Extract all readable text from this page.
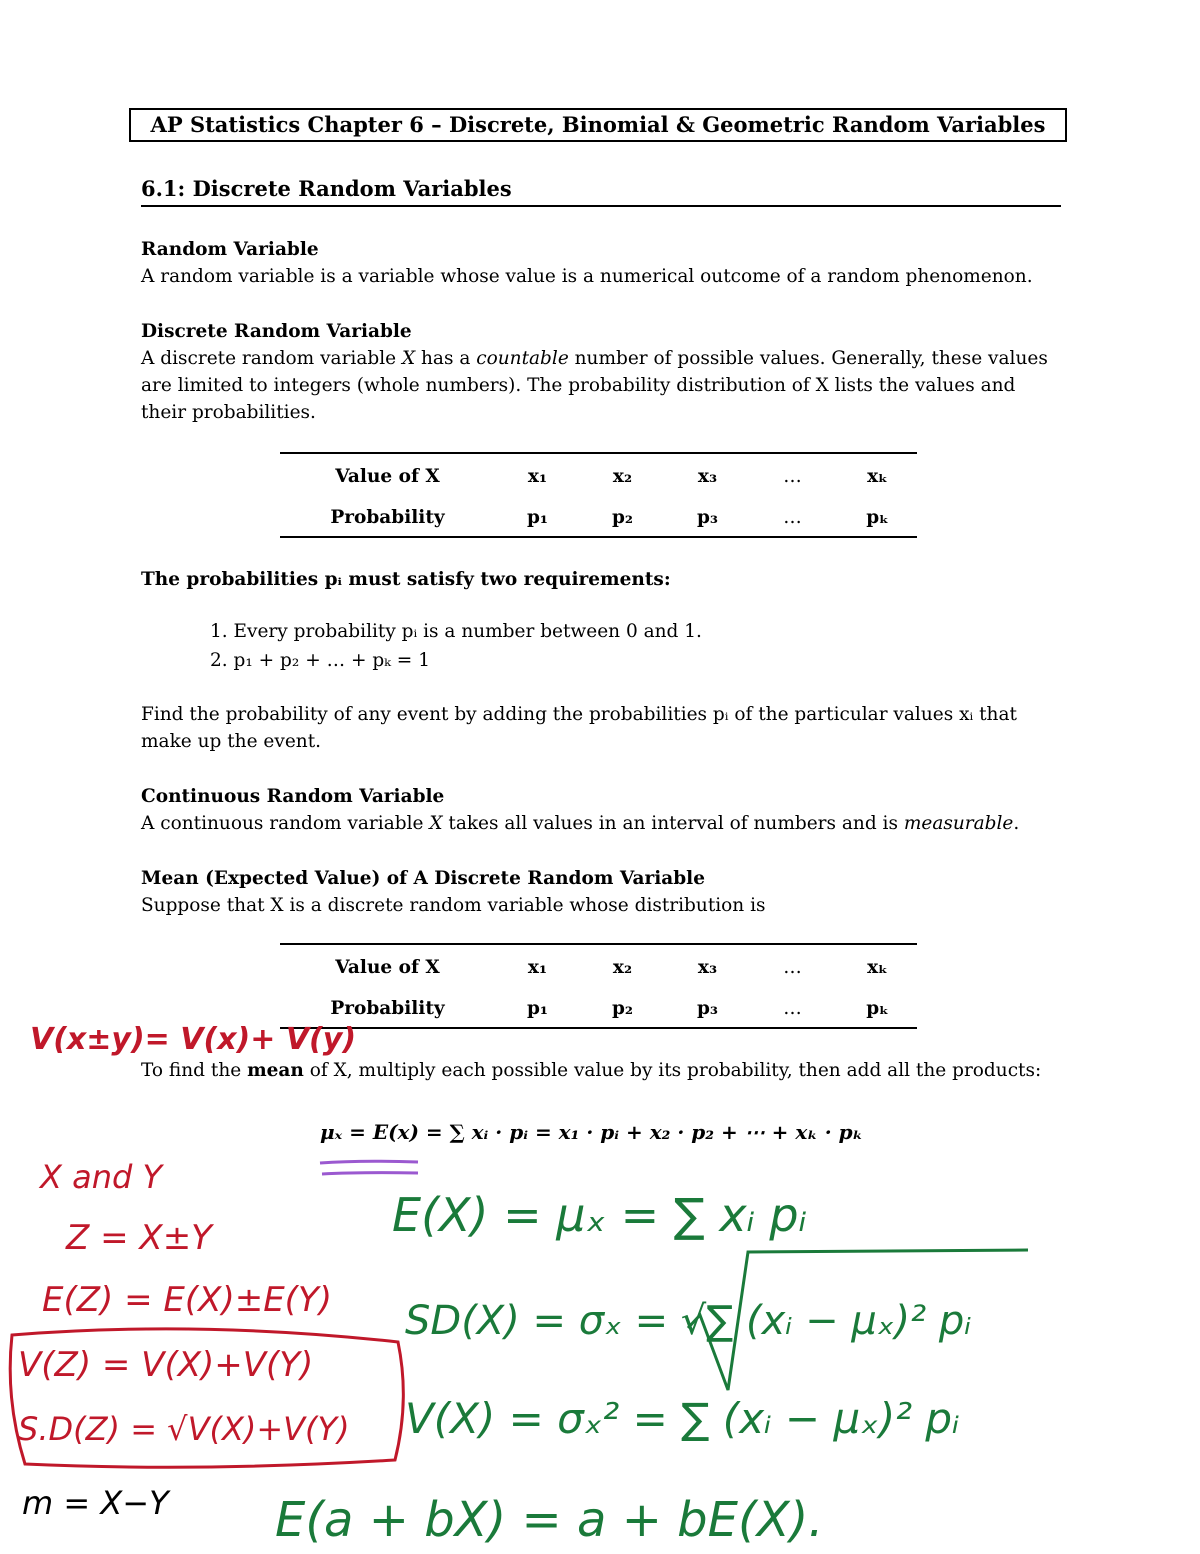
AP Statistics Chapter 6 – Discrete, Binomial & Geometric Random Variables
6.1: Discrete Random Variables
Random Variable
A random variable is a variable whose value is a numerical outcome of a random phenomenon.
Discrete Random Variable
A discrete random variable X has a countable number of possible values. Generally, these values
are limited to integers (whole numbers). The probability distribution of X lists the values and
their probabilities.
Value of X	x₁	x₂	x₃	…	xₖ
Probability	p₁	p₂	p₃	…	pₖ
The probabilities pᵢ must satisfy two requirements:
1. Every probability pᵢ is a number between 0 and 1.
2. p₁ + p₂ + … + pₖ = 1
Find the probability of any event by adding the probabilities pᵢ of the particular values xᵢ that
make up the event.
Continuous Random Variable
A continuous random variable X takes all values in an interval of numbers and is measurable.
Mean (Expected Value) of A Discrete Random Variable
Suppose that X is a discrete random variable whose distribution is
Value of X	x₁	x₂	x₃	…	xₖ
Probability	p₁	p₂	p₃	…	pₖ
To find the mean of X, multiply each possible value by its probability, then add all the products:
μₓ = E(x) = ∑ xᵢ · pᵢ = x₁ · pᵢ + x₂ · p₂ + ⋯ + xₖ · pₖ
V(x±y)= V(x)+ V(y)
X and Y
Z = X±Y
E(Z) = E(X)±E(Y)
V(Z) = V(X)+V(Y)
S.D(Z) = √V(X)+V(Y)
m = X−Y
E(X) = μₓ = ∑ xᵢ pᵢ
SD(X) = σₓ = √∑ (xᵢ − μₓ)² pᵢ
V(X) = σₓ² = ∑ (xᵢ − μₓ)² pᵢ
E(a + bX) = a + bE(X).
